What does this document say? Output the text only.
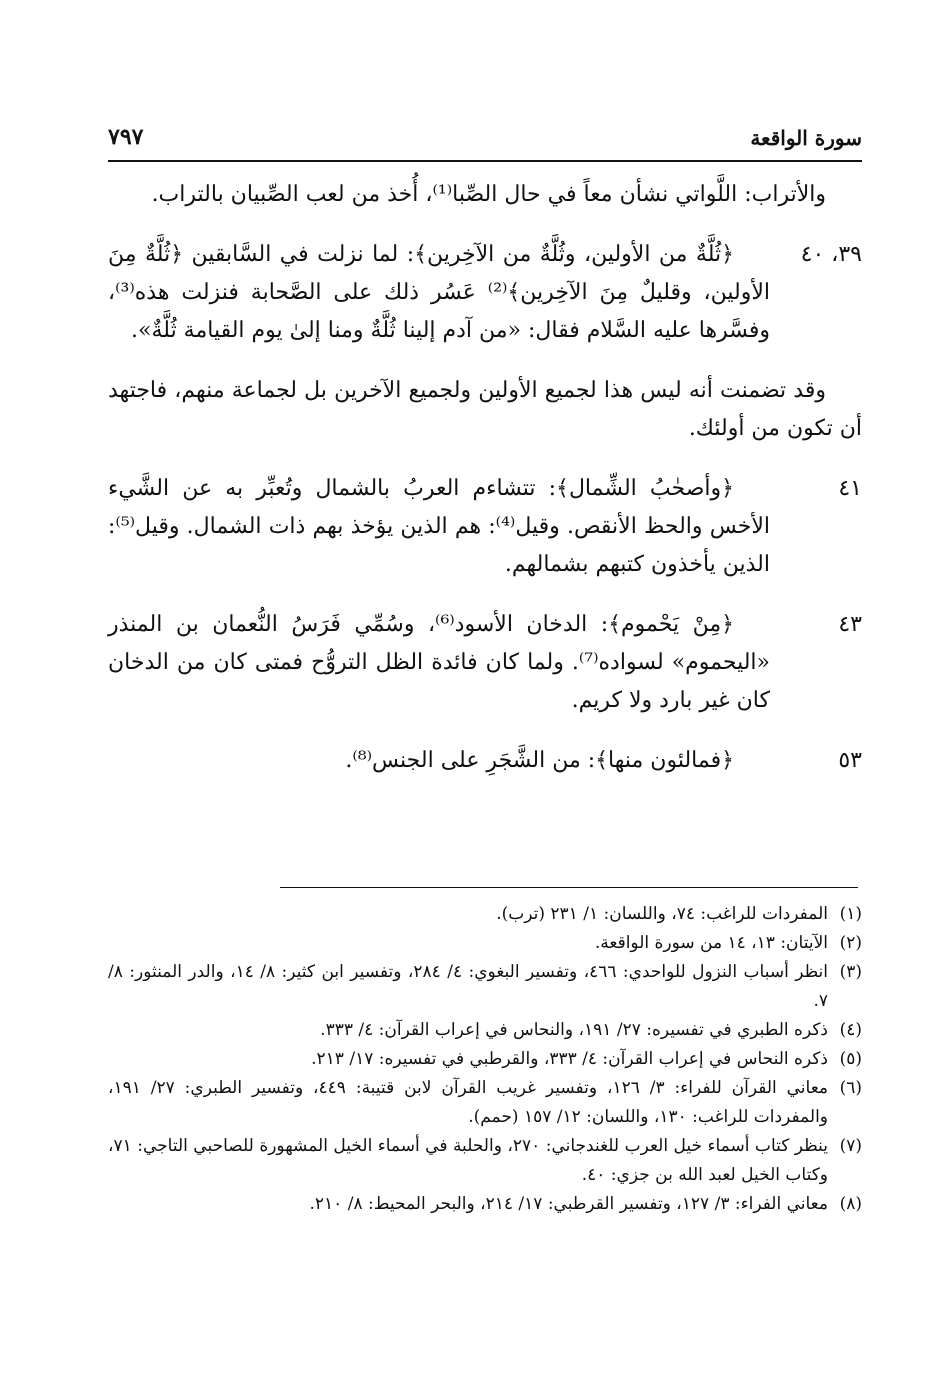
سورة الواقعة
٧٩٧

والأتراب: اللَّواتي نشأن معاً في حال الصِّبا⁽¹⁾، أُخذ من لعب الصِّبيان بالتراب.

٣٩، ٤٠
﴿ثُلَّةٌ من الأولين، وثُلَّةٌ من الآخِرين﴾: لما نزلت في السَّابقين ﴿ثُلَّةٌ مِنَ الأولين، وقليلٌ مِنَ الآخِرين﴾⁽²⁾ عَسُر ذلك على الصَّحابة فنزلت هذه⁽³⁾، وفسَّرها عليه السَّلام فقال: «من آدم إلينا ثُلَّةٌ ومنا إلىٰ يوم القيامة ثُلَّةٌ».

وقد تضمنت أنه ليس هذا لجميع الأولين ولجميع الآخرين بل لجماعة منهم، فاجتهد أن تكون من أولئك.

٤١
﴿وأصحٰبُ الشِّمال﴾: تتشاءم العربُ بالشمال وتُعبِّر به عن الشَّيء الأخس والحظ الأنقص. وقيل⁽⁴⁾: هم الذين يؤخذ بهم ذات الشمال. وقيل⁽⁵⁾: الذين يأخذون كتبهم بشمالهم.
٤٣
﴿مِنْ يَحْموم﴾: الدخان الأسود⁽⁶⁾، وسُمِّي فَرَسُ النُّعمان بن المنذر «اليحموم» لسواده⁽⁷⁾. ولما كان فائدة الظل التروُّح فمتى كان من الدخان كان غير بارد ولا كريم.
٥٣
﴿فمالئون منها﴾: من الشَّجَرِ على الجنس⁽⁸⁾.
(١)
المفردات للراغب: ٧٤، واللسان: ١/ ٢٣١ (ترب).
(٢)
الآيتان: ١٣، ١٤ من سورة الواقعة.
(٣)
انظر أسباب النزول للواحدي: ٤٦٦، وتفسير البغوي: ٤/ ٢٨٤، وتفسير ابن كثير: ٨/ ١٤، والدر المنثور: ٨/ ٧.
(٤)
ذكره الطبري في تفسيره: ٢٧/ ١٩١، والنحاس في إعراب القرآن: ٤/ ٣٣٣.
(٥)
ذكره النحاس في إعراب القرآن: ٤/ ٣٣٣، والقرطبي في تفسيره: ١٧/ ٢١٣.
(٦)
معاني القرآن للفراء: ٣/ ١٢٦، وتفسير غريب القرآن لابن قتيبة: ٤٤٩، وتفسير الطبري: ٢٧/ ١٩١، والمفردات للراغب: ١٣٠، واللسان: ١٢/ ١٥٧ (حمم).
(٧)
ينظر كتاب أسماء خيل العرب للغندجاني: ٢٧٠، والحلبة في أسماء الخيل المشهورة للصاحبي التاجي: ٧١، وكتاب الخيل لعبد الله بن جزي: ٤٠.
(٨)
معاني الفراء: ٣/ ١٢٧، وتفسير القرطبي: ١٧/ ٢١٤، والبحر المحيط: ٨/ ٢١٠.
